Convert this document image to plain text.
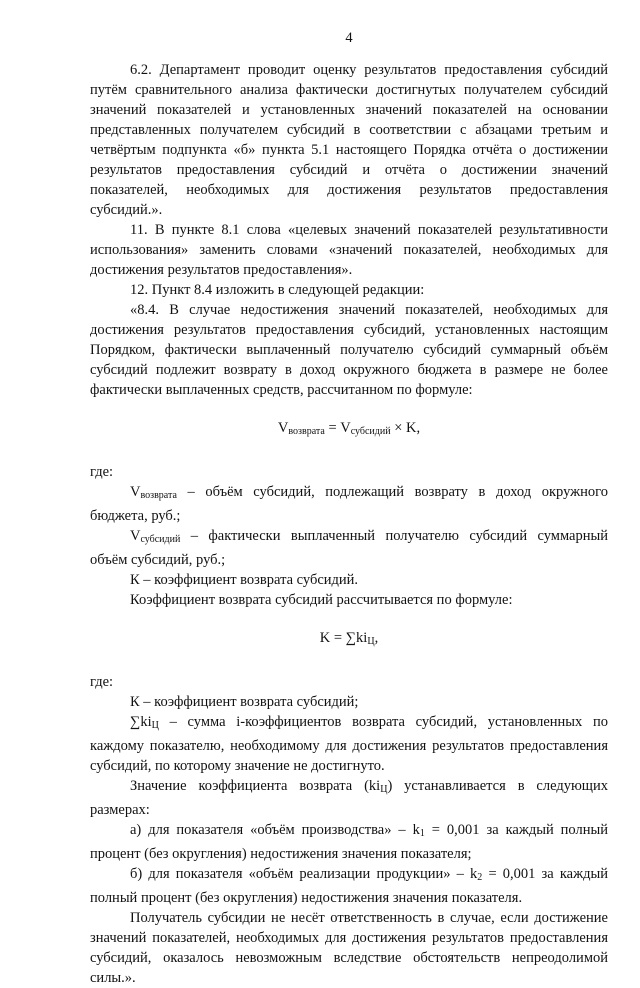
4

6.2. Департамент проводит оценку результатов предоставления субсидий путём сравнительного анализа фактически достигнутых получателем субсидий значений показателей и установленных значений показателей на основании представленных получателем субсидий в соответствии с абзацами третьим и четвёртым подпункта «б» пункта 5.1 настоящего Порядка отчёта о достижении результатов предоставления субсидий и отчёта о достижении значений показателей, необходимых для достижения результатов предоставления субсидий.».

11. В пункте 8.1 слова «целевых значений показателей результативности использования» заменить словами «значений показателей, необходимых для достижения результатов предоставления».

12. Пункт 8.4 изложить в следующей редакции:

«8.4. В случае недостижения значений показателей, необходимых для достижения результатов предоставления субсидий, установленных настоящим Порядком, фактически выплаченный получателю субсидий суммарный объём субсидий подлежит возврату в доход окружного бюджета в размере не более фактически выплаченных средств, рассчитанном по формуле:

Vвозврата = Vсубсидий × K,

где:

Vвозврата – объём субсидий, подлежащий возврату в доход окружного бюджета, руб.;

Vсубсидий – фактически выплаченный получателю субсидий суммарный объём субсидий, руб.;

К – коэффициент возврата субсидий.

Коэффициент возврата субсидий рассчитывается по формуле:

K = ∑kiЦ,

где:

К – коэффициент возврата субсидий;

∑kiЦ – сумма i-коэффициентов возврата субсидий, установленных по каждому показателю, необходимому для достижения результатов предоставления субсидий, по которому значение не достигнуто.

Значение коэффициента возврата (kiЦ) устанавливается в следующих размерах:

а) для показателя «объём производства» – k1 = 0,001 за каждый полный процент (без округления) недостижения значения показателя;

б) для показателя «объём реализации продукции» – k2 = 0,001 за каждый полный процент (без округления) недостижения значения показателя.

Получатель субсидии не несёт ответственность в случае, если достижение значений показателей, необходимых для достижения результатов предоставления субсидий, оказалось невозможным вследствие обстоятельств непреодолимой силы.».
